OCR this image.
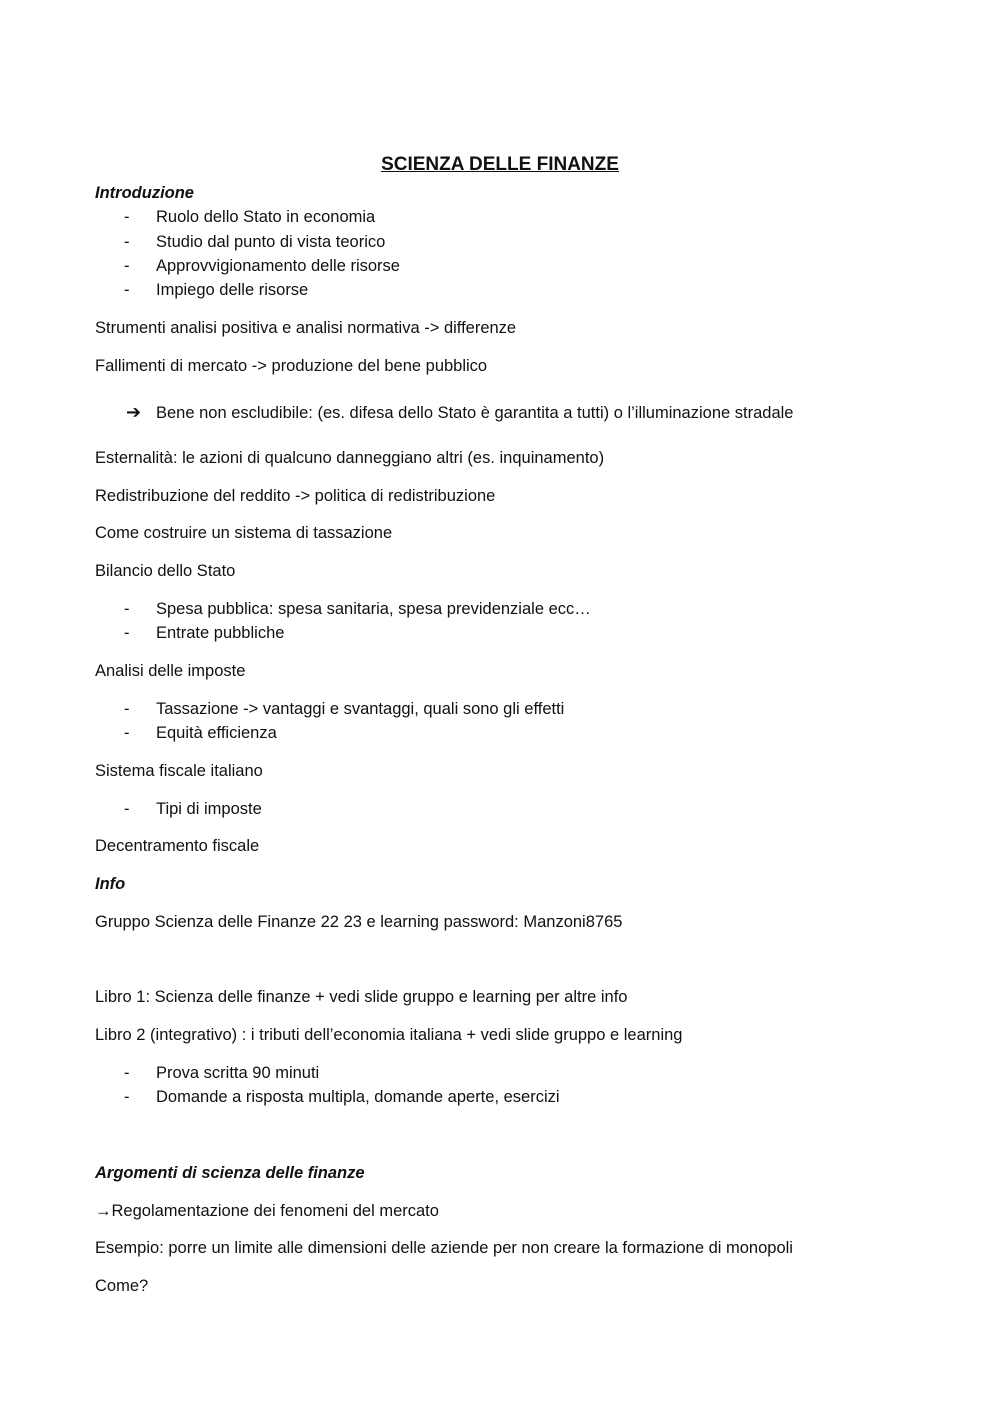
SCIENZA DELLE FINANZE
Introduzione
- Ruolo dello Stato in economia
- Studio dal punto di vista teorico
- Approvvigionamento delle risorse
- Impiego delle risorse
Strumenti analisi positiva e analisi normativa -> differenze
Fallimenti di mercato -> produzione del bene pubblico
➔ Bene non escludibile: (es. difesa dello Stato è garantita a tutti) o l’illuminazione stradale
Esternalità: le azioni di qualcuno danneggiano altri (es. inquinamento)
Redistribuzione del reddito -> politica di redistribuzione
Come costruire un sistema di tassazione
Bilancio dello Stato
- Spesa pubblica: spesa sanitaria, spesa previdenziale ecc…
- Entrate pubbliche
Analisi delle imposte
- Tassazione -> vantaggi e svantaggi, quali sono gli effetti
- Equità efficienza
Sistema fiscale italiano
- Tipi di imposte
Decentramento fiscale
Info
Gruppo Scienza delle Finanze 22 23 e learning password: Manzoni8765
Libro 1: Scienza delle finanze + vedi slide gruppo e learning per altre info
Libro 2 (integrativo) : i tributi dell’economia italiana + vedi slide gruppo e learning
- Prova scritta 90 minuti
- Domande a risposta multipla, domande aperte, esercizi
Argomenti di scienza delle finanze
→Regolamentazione dei fenomeni del mercato
Esempio: porre un limite alle dimensioni delle aziende per non creare la formazione di monopoli
Come?
